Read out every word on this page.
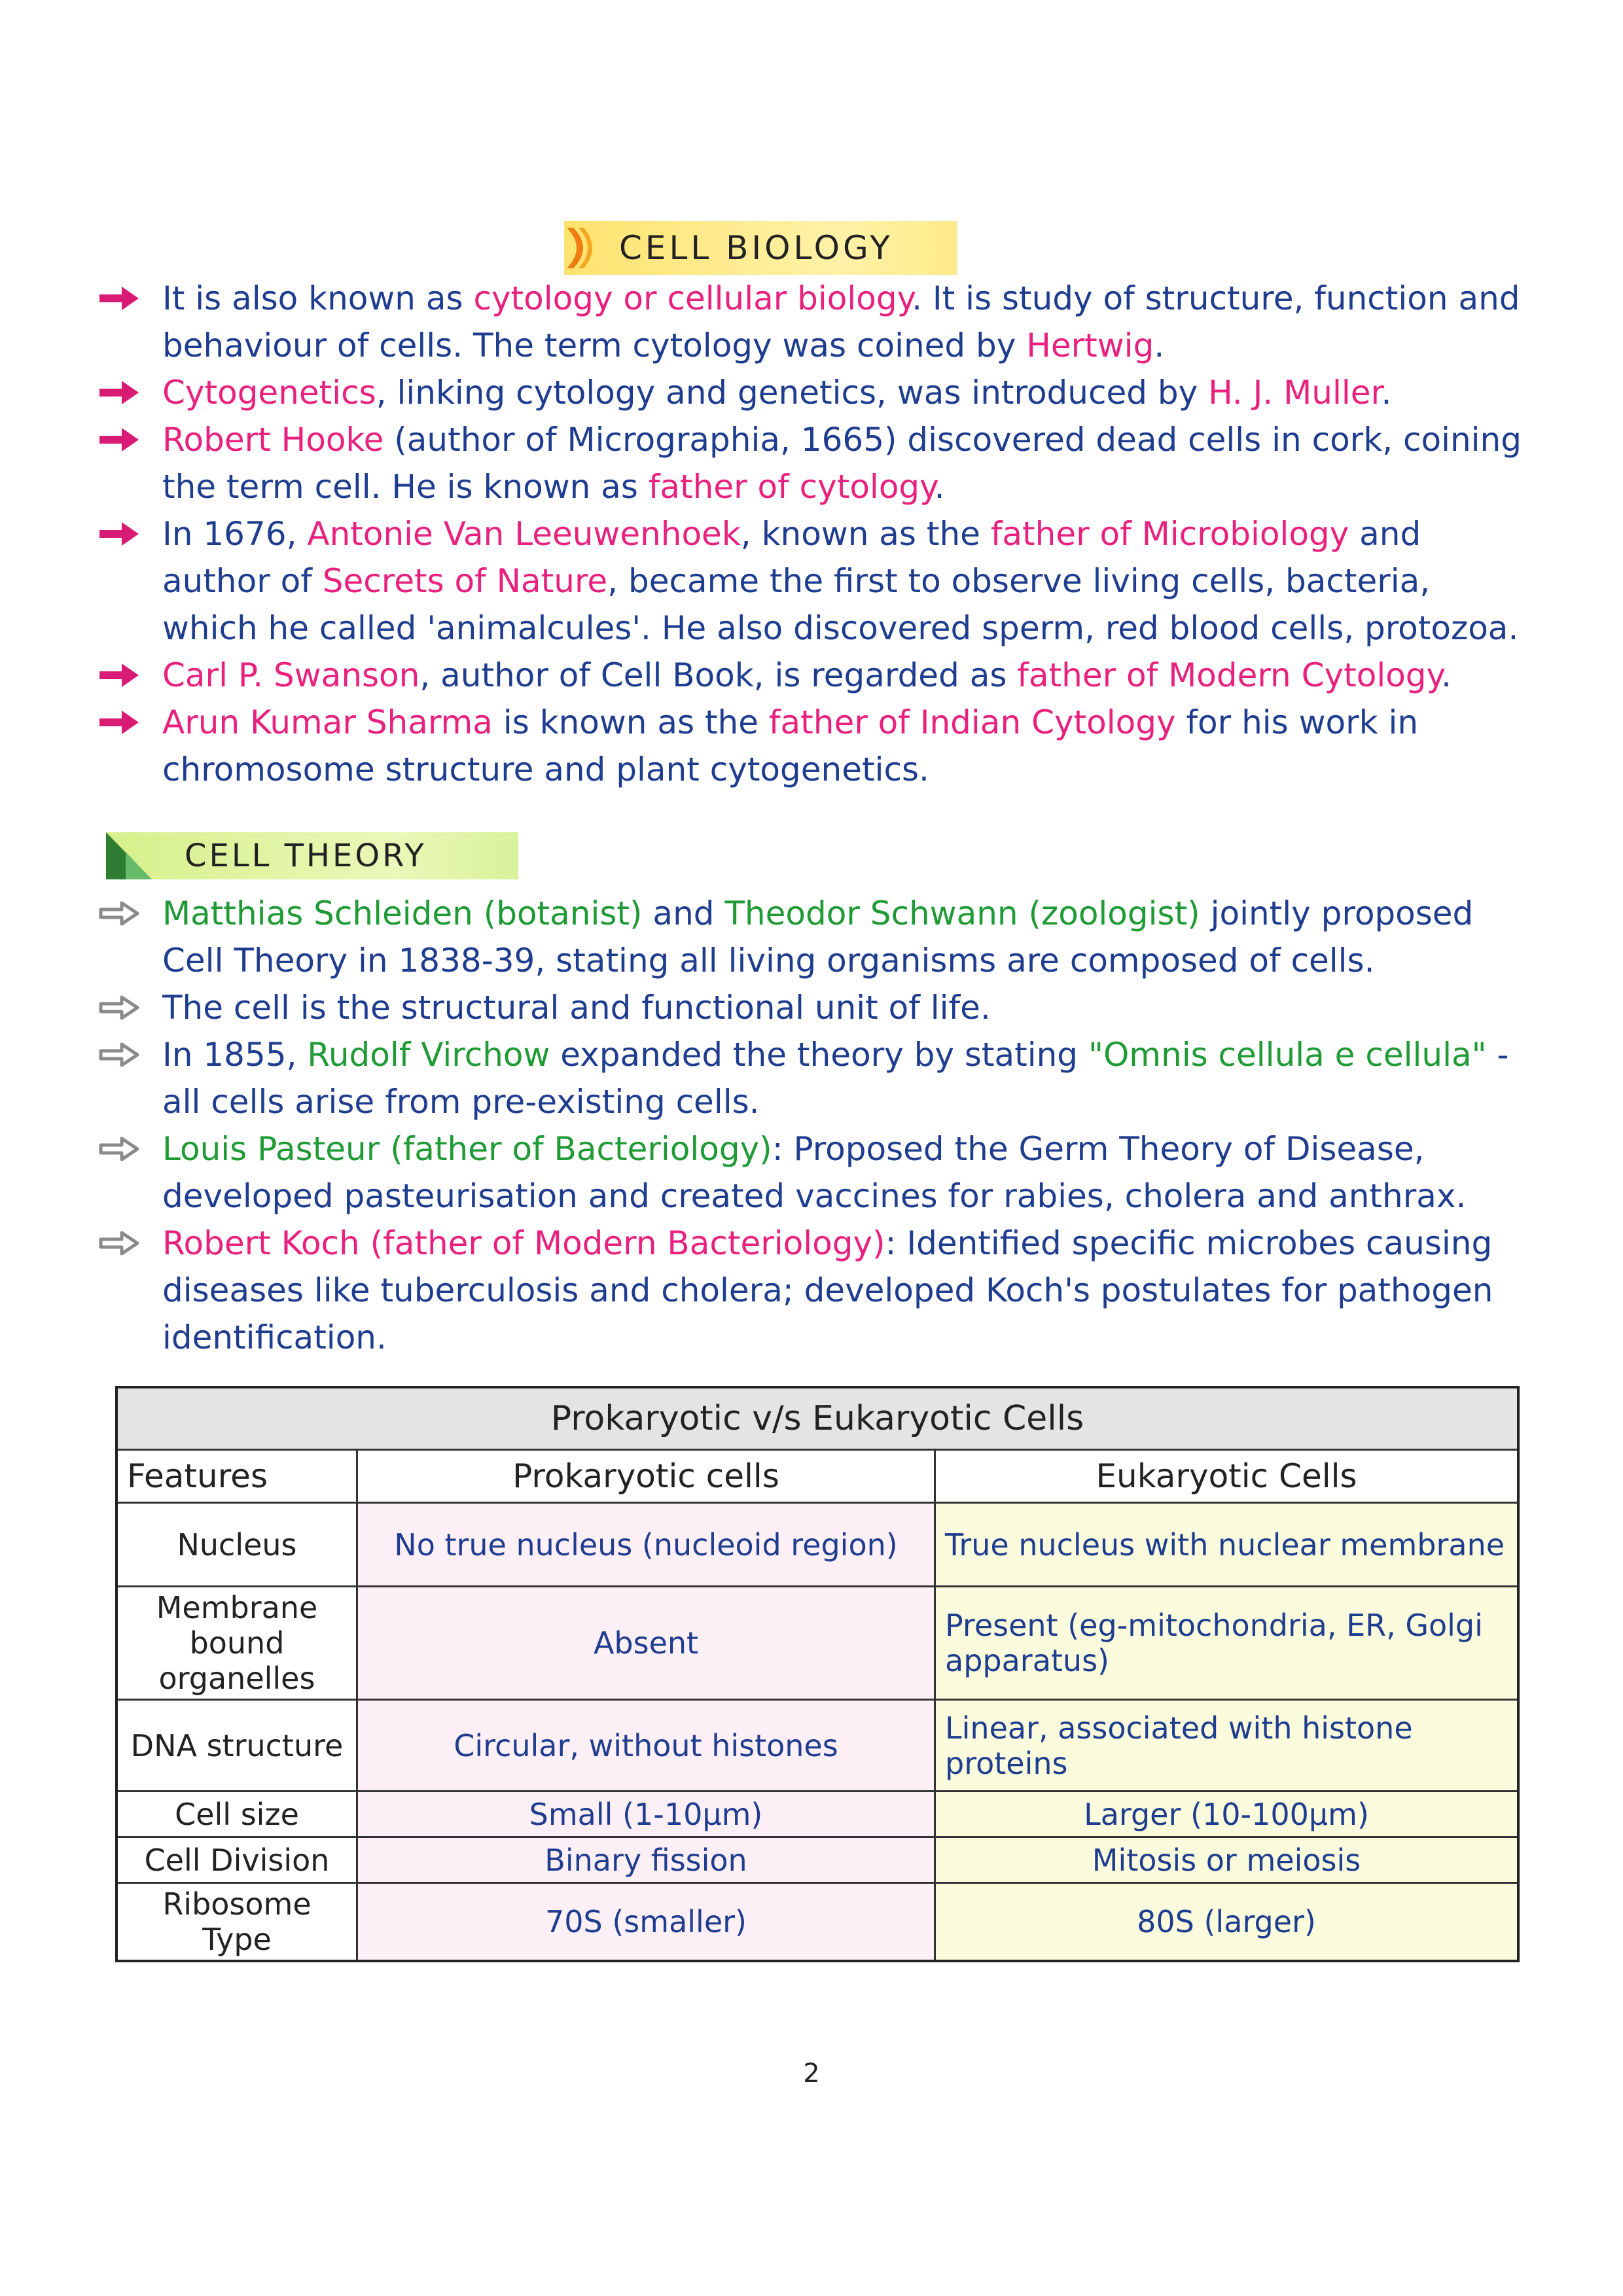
CELL BIOLOGY
It is also known as cytology or cellular biology. It is study of structure, function and behaviour of cells. The term cytology was coined by Hertwig.
Cytogenetics, linking cytology and genetics, was introduced by H. J. Muller.
Robert Hooke (author of Micrographia, 1665) discovered dead cells in cork, coining the term cell. He is known as father of cytology.
In 1676, Antonie Van Leeuwenhoek, known as the father of Microbiology and author of Secrets of Nature, became the first to observe living cells, bacteria, which he called 'animalcules'. He also discovered sperm, red blood cells, protozoa.
Carl P. Swanson, author of Cell Book, is regarded as father of Modern Cytology.
Arun Kumar Sharma is known as the father of Indian Cytology for his work in chromosome structure and plant cytogenetics.
CELL THEORY
Matthias Schleiden (botanist) and Theodor Schwann (zoologist) jointly proposed Cell Theory in 1838-39, stating all living organisms are composed of cells.
The cell is the structural and functional unit of life.
In 1855, Rudolf Virchow expanded the theory by stating "Omnis cellula e cellula" - all cells arise from pre-existing cells.
Louis Pasteur (father of Bacteriology): Proposed the Germ Theory of Disease, developed pasteurisation and created vaccines for rabies, cholera and anthrax.
Robert Koch (father of Modern Bacteriology): Identified specific microbes causing diseases like tuberculosis and cholera; developed Koch's postulates for pathogen identification.
Prokaryotic v/s Eukaryotic Cells		
Features	Prokaryotic cells	Eukaryotic Cells
Nucleus	No true nucleus (nucleoid region)	True nucleus with nuclear membrane
Membrane bound organelles	Absent	Present (eg-mitochondria, ER, Golgi apparatus)
DNA structure	Circular, without histones	Linear, associated with histone proteins
Cell size	Small (1-10µm)	Larger (10-100µm)
Cell Division	Binary fission	Mitosis or meiosis
Ribosome Type	70S (smaller)	80S (larger)
2
